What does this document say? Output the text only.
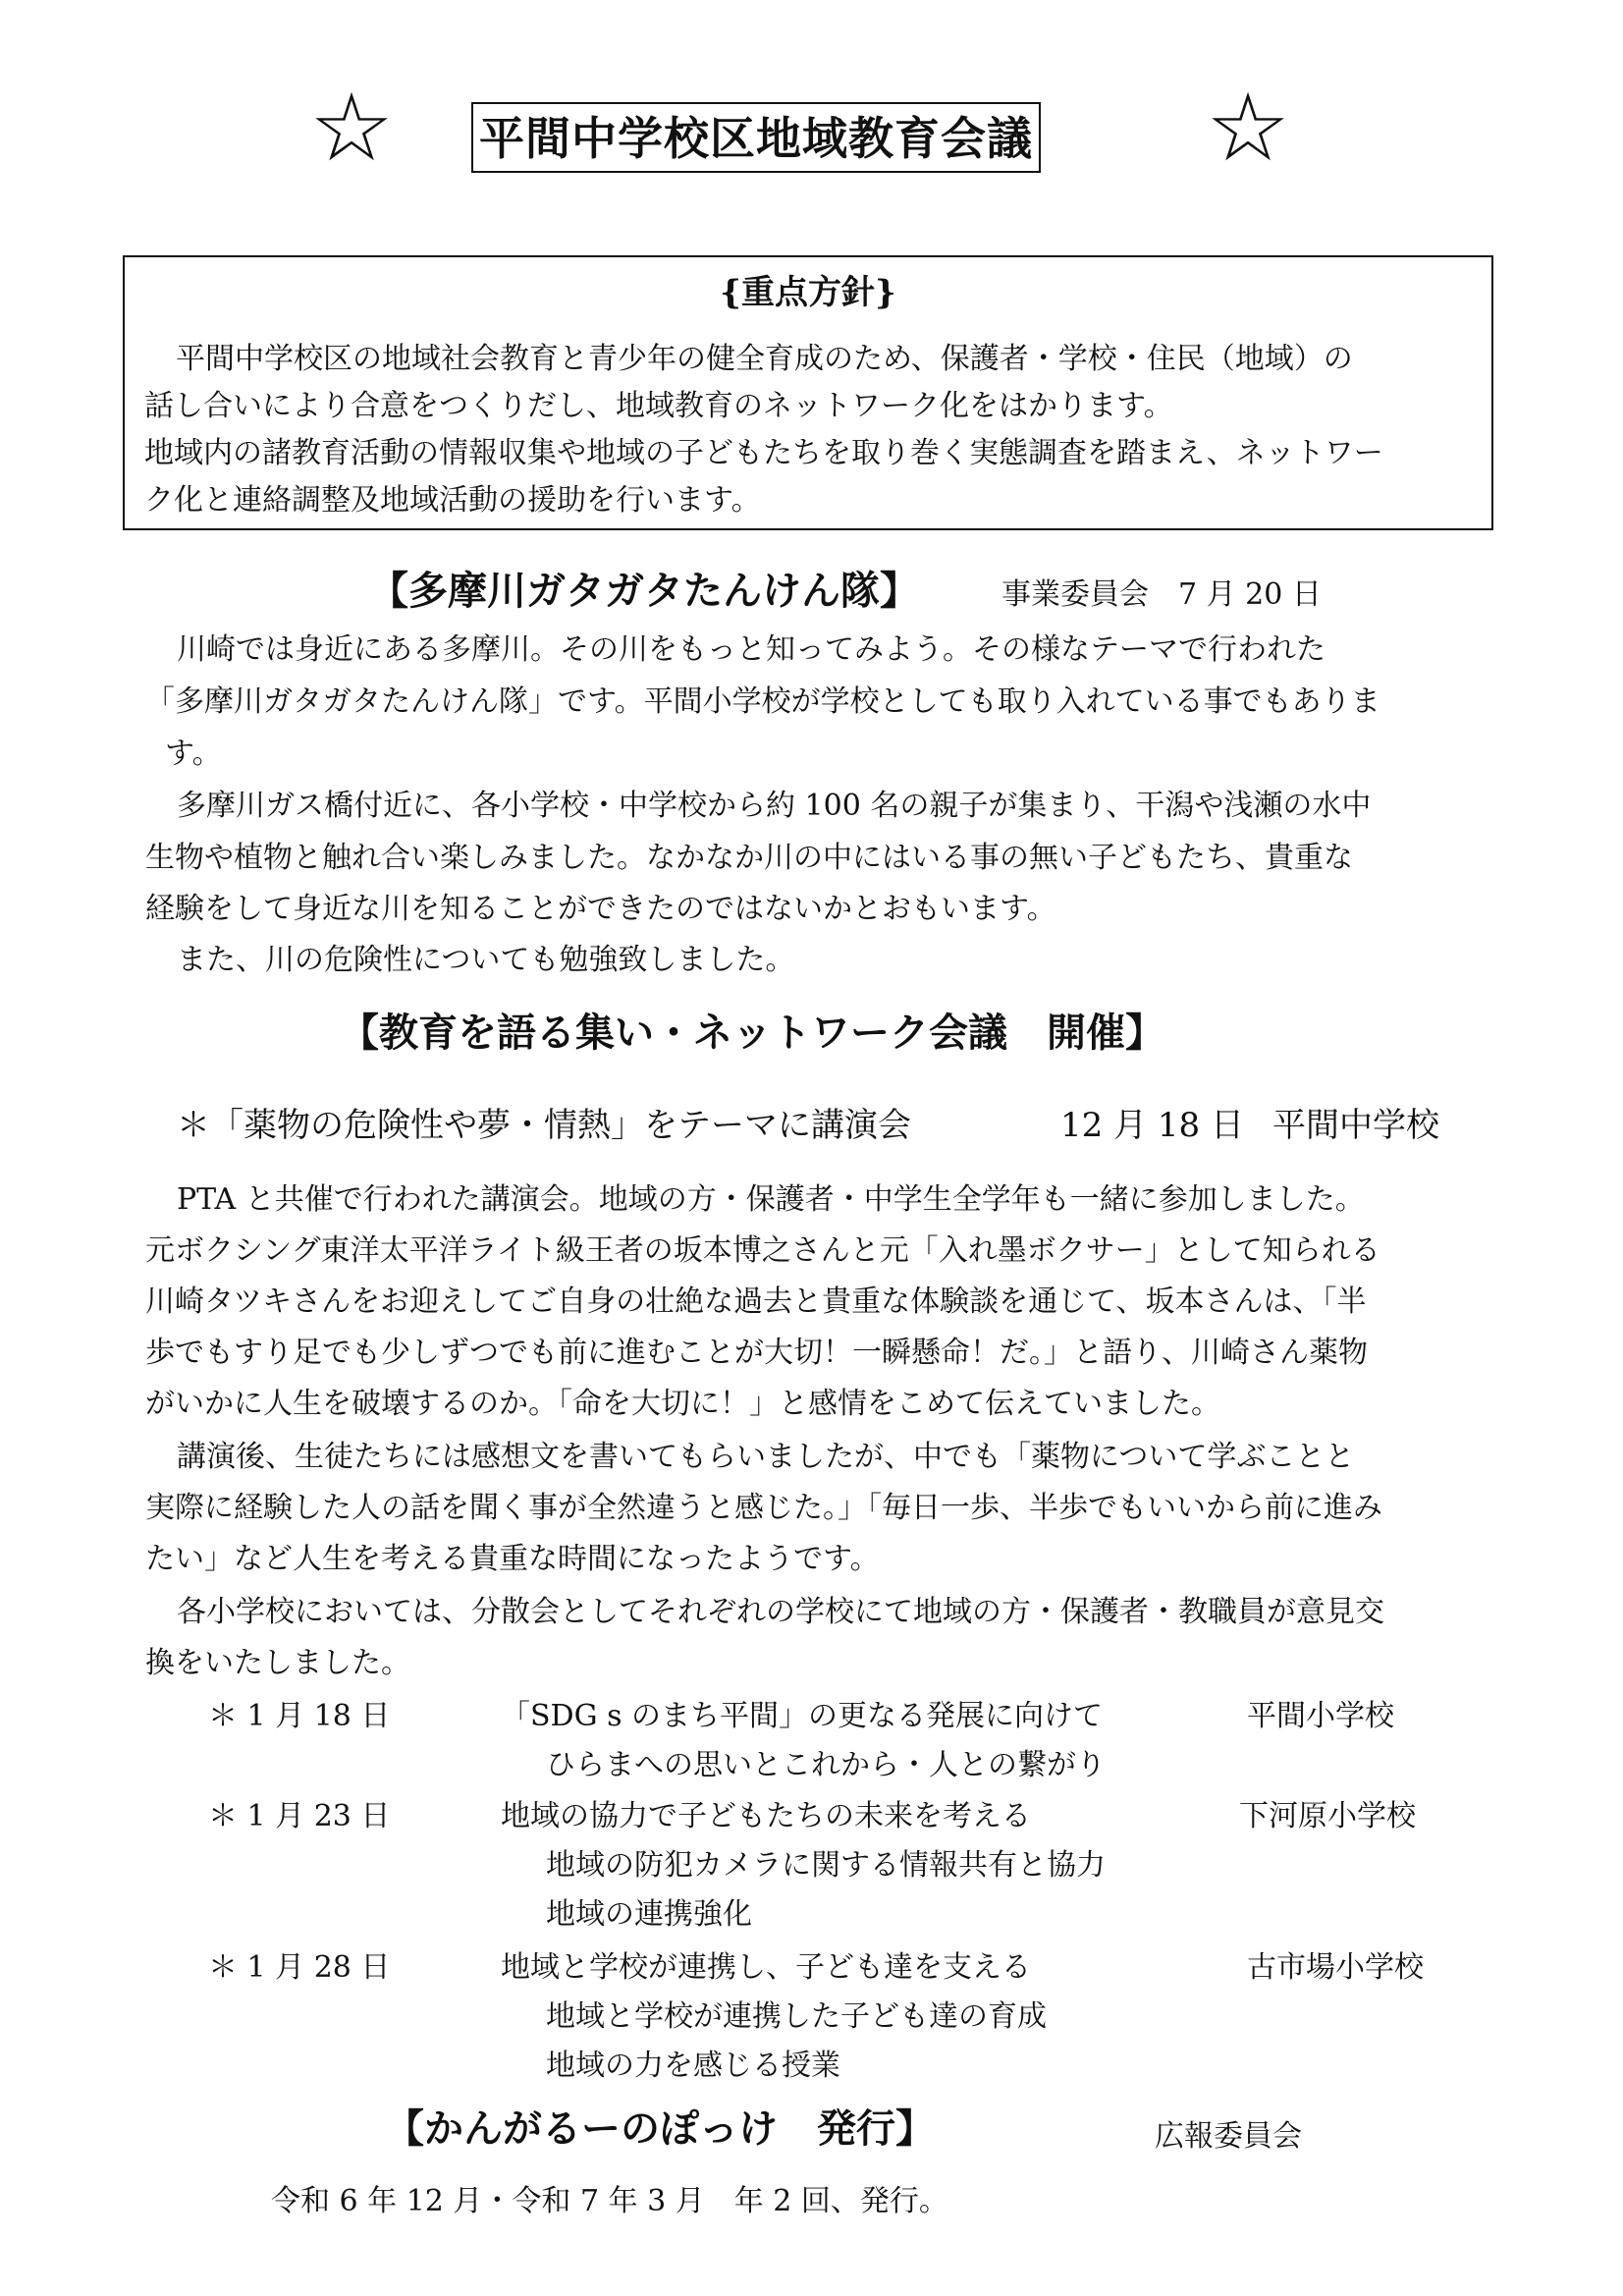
☆ 平間中学校区地域教育会議 ☆
{重点方針}
平間中学校区の地域社会教育と青少年の健全育成のため、保護者・学校・住民（地域）の
話し合いにより合意をつくりだし、地域教育のネットワーク化をはかります。
地域内の諸教育活動の情報収集や地域の子どもたちを取り巻く実態調査を踏まえ、ネットワー
ク化と連絡調整及地域活動の援助を行います。
【多摩川ガタガタたんけん隊】	事業委員会　7 月 20 日
川崎では身近にある多摩川。その川をもっと知ってみよう。その様なテーマで行われた
「多摩川ガタガタたんけん隊」です。平間小学校が学校としても取り入れている事でもありま
す。
多摩川ガス橋付近に、各小学校・中学校から約 100 名の親子が集まり、干潟や浅瀬の水中
生物や植物と触れ合い楽しみました。なかなか川の中にはいる事の無い子どもたち、貴重な
経験をして身近な川を知ることができたのではないかとおもいます。
また、川の危険性についても勉強致しました。
【教育を語る集い・ネットワーク会議　開催】
＊「薬物の危険性や夢・情熱」をテーマに講演会	12 月 18 日 平間中学校
PTA と共催で行われた講演会。地域の方・保護者・中学生全学年も一緒に参加しました。
元ボクシング東洋太平洋ライト級王者の坂本博之さんと元「入れ墨ボクサー」として知られる
川崎タツキさんをお迎えしてご自身の壮絶な過去と貴重な体験談を通じて、坂本さんは、「半
歩でもすり足でも少しずつでも前に進むことが大切！一瞬懸命！だ。」と語り、川崎さん薬物
がいかに人生を破壊するのか。「命を大切に！」と感情をこめて伝えていました。
講演後、生徒たちには感想文を書いてもらいましたが、中でも「薬物について学ぶことと
実際に経験した人の話を聞く事が全然違うと感じた。」「毎日一歩、半歩でもいいから前に進み
たい」など人生を考える貴重な時間になったようです。
各小学校においては、分散会としてそれぞれの学校にて地域の方・保護者・教職員が意見交
換をいたしました。
＊ 1 月 18 日	「SDG s のまち平間」の更なる発展に向けて	平間小学校
ひらまへの思いとこれから・人との繋がり
＊ 1 月 23 日	地域の協力で子どもたちの未来を考える	下河原小学校
地域の防犯カメラに関する情報共有と協力
地域の連携強化
＊ 1 月 28 日	地域と学校が連携し、子ども達を支える	古市場小学校
地域と学校が連携した子ども達の育成
地域の力を感じる授業
【かんがるーのぽっけ　発行】	広報委員会
令和 6 年 12 月・令和 7 年 3 月　年 2 回、発行。
